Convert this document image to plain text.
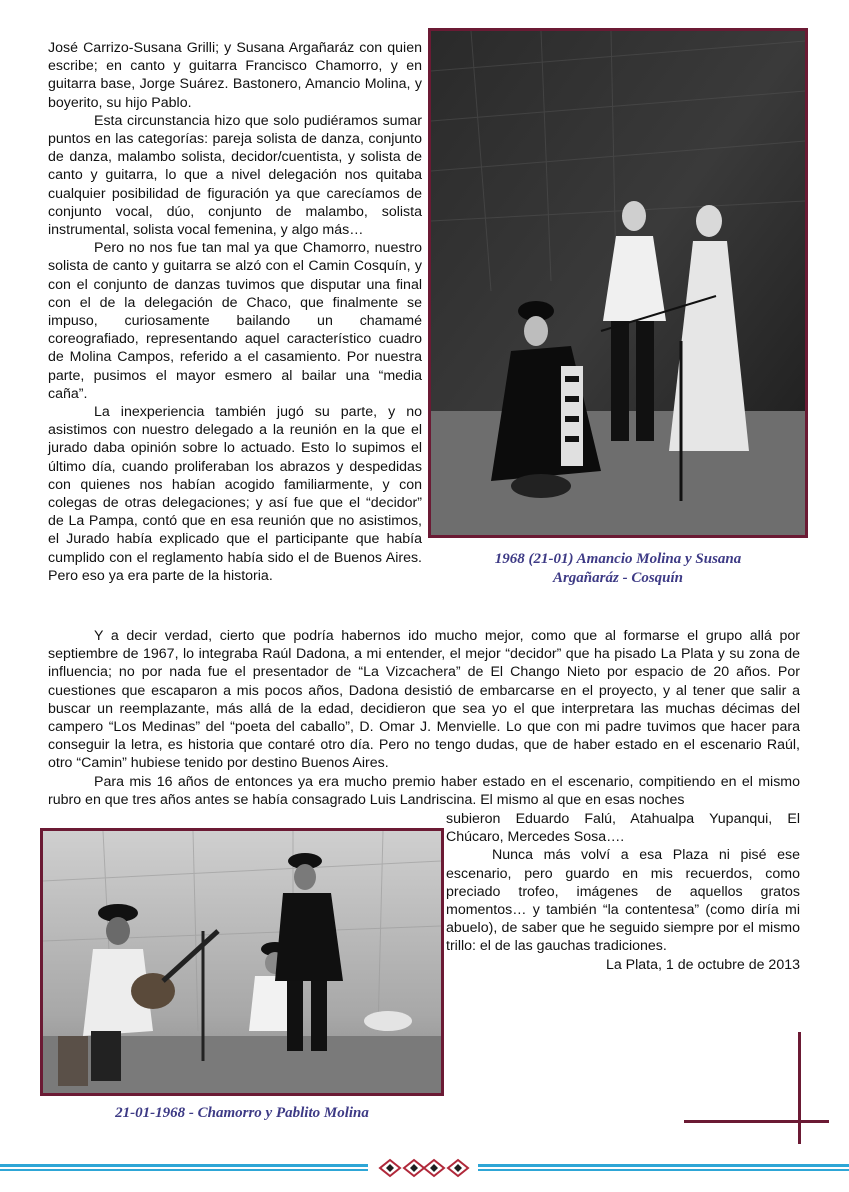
José Carrizo-Susana Grilli; y Susana Argañaráz con quien escribe; en canto y guitarra Francisco Chamorro, y en guitarra base, Jorge Suárez. Bastonero, Amancio Molina, y boyerito, su hijo Pablo.

Esta circunstancia hizo que solo pudiéramos sumar puntos en las categorías: pareja solista de danza, conjunto de danza, malambo solista, decidor/cuentista, y solista de canto y guitarra, lo que a nivel delegación nos quitaba cualquier posibilidad de figuración ya que carecíamos de conjunto vocal, dúo, conjunto de malambo, solista instrumental, solista vocal femenina, y algo más…

Pero no nos fue tan mal ya que Chamorro, nuestro solista de canto y guitarra se alzó con el Camin Cosquín, y con el conjunto de danzas tuvimos que disputar una final con el de la delegación de Chaco, que finalmente se impuso, curiosamente bailando un chamamé coreografiado, representando aquel característico cuadro de Molina Campos, referido a el casamiento. Por nuestra parte, pusimos el mayor esmero al bailar una “media caña”.

La inexperiencia también jugó su parte, y no asistimos con nuestro delegado a la reunión en la que el jurado daba opinión sobre lo actuado. Esto lo supimos el último día, cuando proliferaban los abrazos y despedidas con quienes nos habían acogido familiarmente, y con colegas de otras delegaciones; y así fue que el “decidor” de La Pampa, contó que en esa reunión que no asistimos, el Jurado había explicado que el participante que había cumplido con el reglamento había sido el de Buenos Aires. Pero eso ya era parte de la historia.

1968 (21-01) Amancio Molina y Susana
Argañaráz - Cosquín

Y a decir verdad, cierto que podría habernos ido mucho mejor, como que al formarse el grupo allá por septiembre de 1967, lo integraba Raúl Dadona, a mi entender, el mejor “decidor” que ha pisado La Plata y su zona de influencia; no por nada fue el presentador de “La Vizcachera” de El Chango Nieto por espacio de 20 años. Por cuestiones que escaparon a mis pocos años, Dadona desistió de embarcarse en el proyecto, y al tener que salir a buscar un reemplazante, más allá de la edad, decidieron que sea yo el que interpretara las muchas décimas del campero “Los Medinas” del “poeta del caballo”, D. Omar J. Menvielle. Lo que con mi padre tuvimos que hacer para conseguir la letra, es historia que contaré otro día. Pero no tengo dudas, que de haber estado en el escenario Raúl, otro “Camin” hubiese tenido por destino Buenos Aires.

Para mis 16 años de entonces ya era mucho premio haber estado en el escenario, compitiendo en el mismo rubro en que tres años antes se había consagrado Luis Landriscina. El mismo al que en esas noches

21-01-1968 - Chamorro y Pablito Molina

subieron Eduardo Falú, Atahualpa Yupanqui, El Chúcaro, Mercedes Sosa….

Nunca más volví a esa Plaza ni pisé ese escenario, pero guardo en mis recuerdos, como preciado trofeo, imágenes de aquellos gratos momentos… y también “la contentesa” (como diría mi abuelo), de saber que he seguido siempre por el mismo trillo: el de las gauchas tradiciones.

La Plata, 1 de octubre de 2013
